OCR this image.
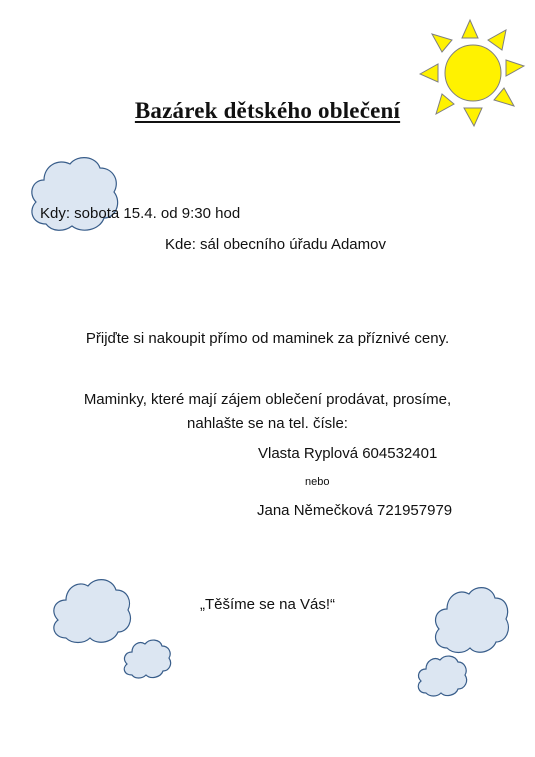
Bazárek dětského oblečení
Kdy: sobota 15.4. od 9:30 hod
Kde: sál obecního úřadu Adamov
Přijďte si nakoupit přímo od maminek za příznivé ceny.
Maminky, které mají zájem oblečení prodávat, prosíme,
nahlašte se na tel. čísle:
Vlasta Ryplová 604532401
nebo
Jana Němečková 721957979
„Těšíme se na Vás!“
